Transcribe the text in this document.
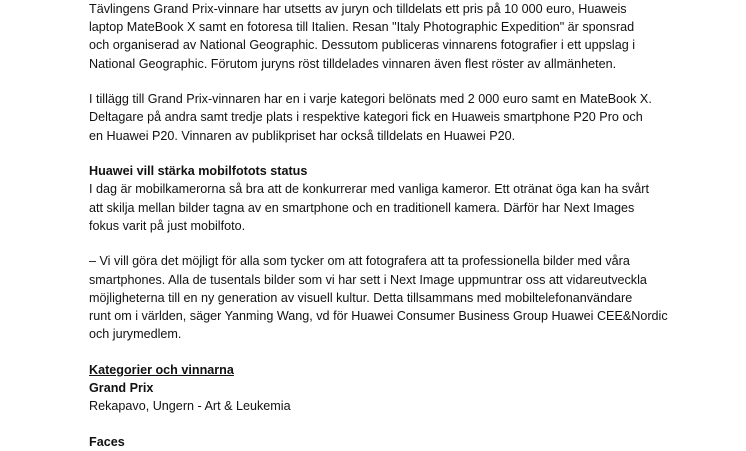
Tävlingens Grand Prix-vinnare har utsetts av juryn och tilldelats ett pris på 10 000 euro, Huaweis
laptop MateBook X samt en fotoresa till Italien. Resan "Italy Photographic Expedition" är sponsrad
och organiserad av National Geographic. Dessutom publiceras vinnarens fotografier i ett uppslag i
National Geographic. Förutom juryns röst tilldelades vinnaren även flest röster av allmänheten.
I tillägg till Grand Prix-vinnaren har en i varje kategori belönats med 2 000 euro samt en MateBook X.
Deltagare på andra samt tredje plats i respektive kategori fick en Huaweis smartphone P20 Pro och
en Huawei P20. Vinnaren av publikpriset har också tilldelats en Huawei P20.
Huawei vill stärka mobilfotots status
I dag är mobilkamerorna så bra att de konkurrerar med vanliga kameror. Ett otränat öga kan ha svårt
att skilja mellan bilder tagna av en smartphone och en traditionell kamera. Därför har Next Images
fokus varit på just mobilfoto.
– Vi vill göra det möjligt för alla som tycker om att fotografera att ta professionella bilder med våra
smartphones. Alla de tusentals bilder som vi har sett i Next Image uppmuntrar oss att vidareutveckla
möjligheterna till en ny generation av visuell kultur. Detta tillsammans med mobiltelefonanvändare
runt om i världen, säger Yanming Wang, vd för Huawei Consumer Business Group Huawei CEE&Nordic
och jurymedlem.
Kategorier och vinnarna
Grand Prix
Rekapavo, Ungern - Art & Leukemia
Faces
